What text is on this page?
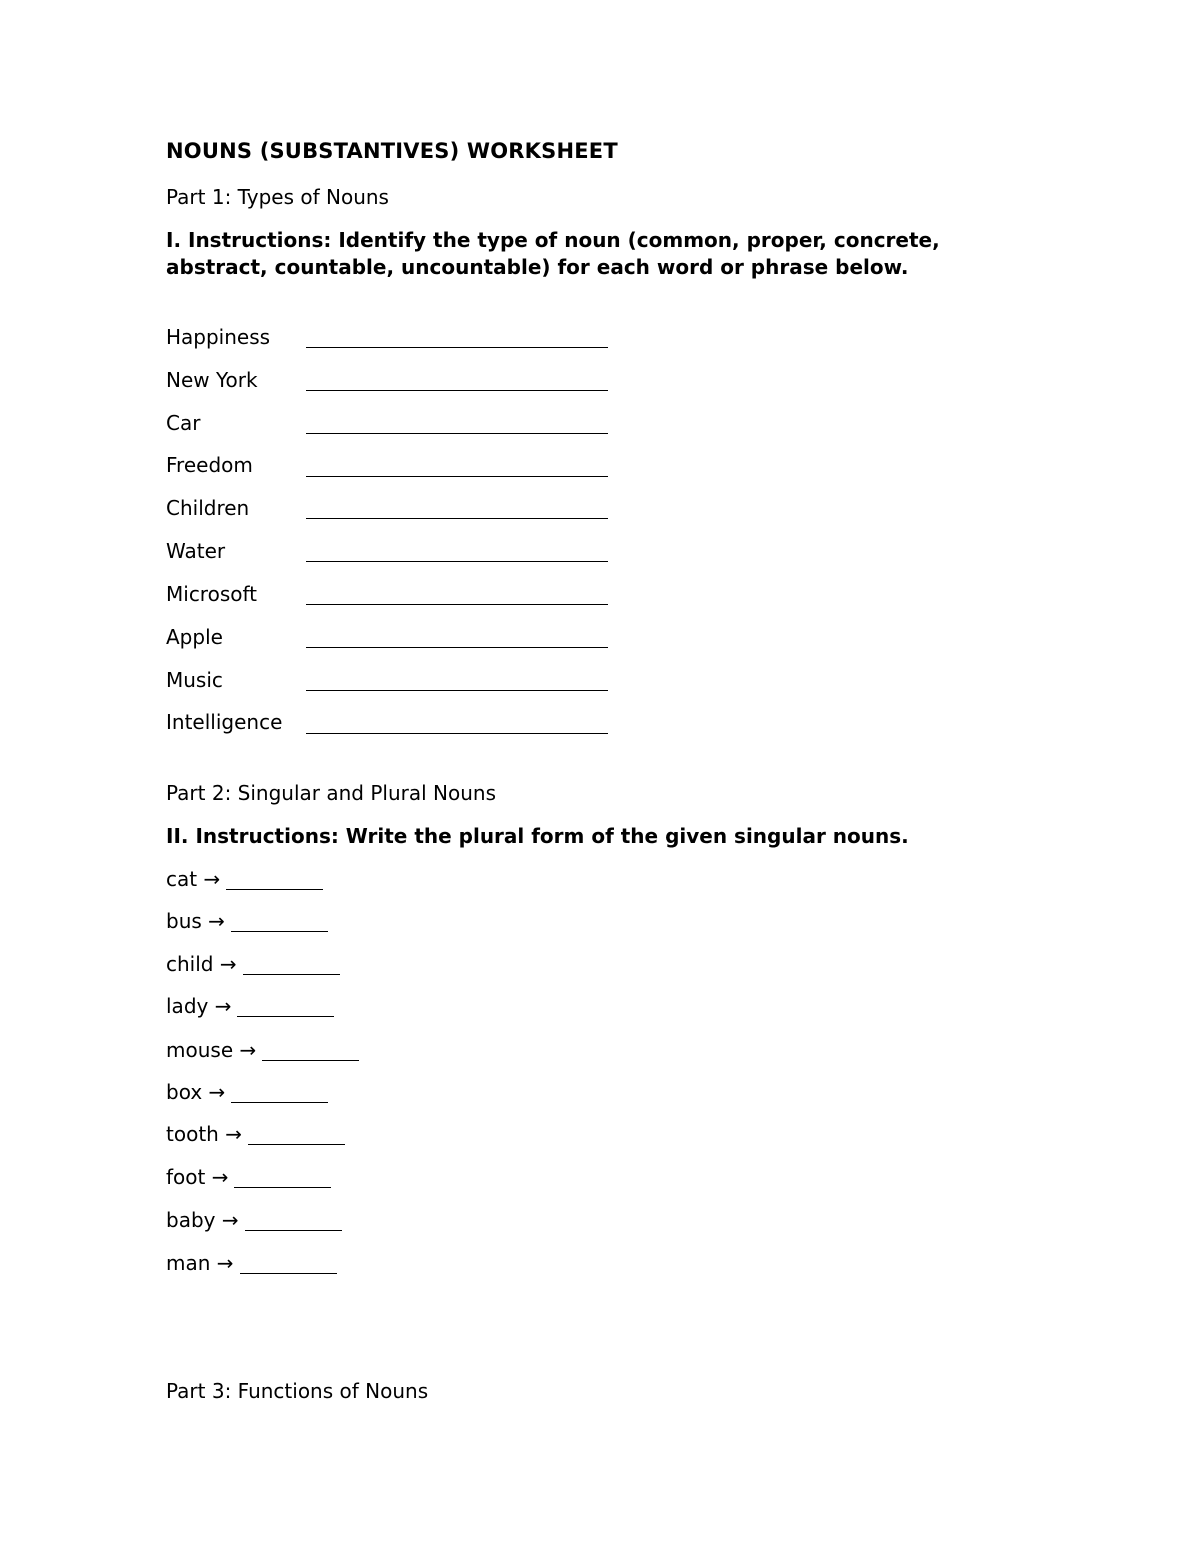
NOUNS (SUBSTANTIVES) WORKSHEET
Part 1: Types of Nouns
I. Instructions: Identify the type of noun (common, proper, concrete, abstract, countable, uncountable) for each word or phrase below.
Happiness
New York
Car
Freedom
Children
Water
Microsoft
Apple
Music
Intelligence
Part 2: Singular and Plural Nouns
II. Instructions: Write the plural form of the given singular nouns.
cat →
bus →
child →
lady →
mouse →
box →
tooth →
foot →
baby →
man →
Part 3: Functions of Nouns
